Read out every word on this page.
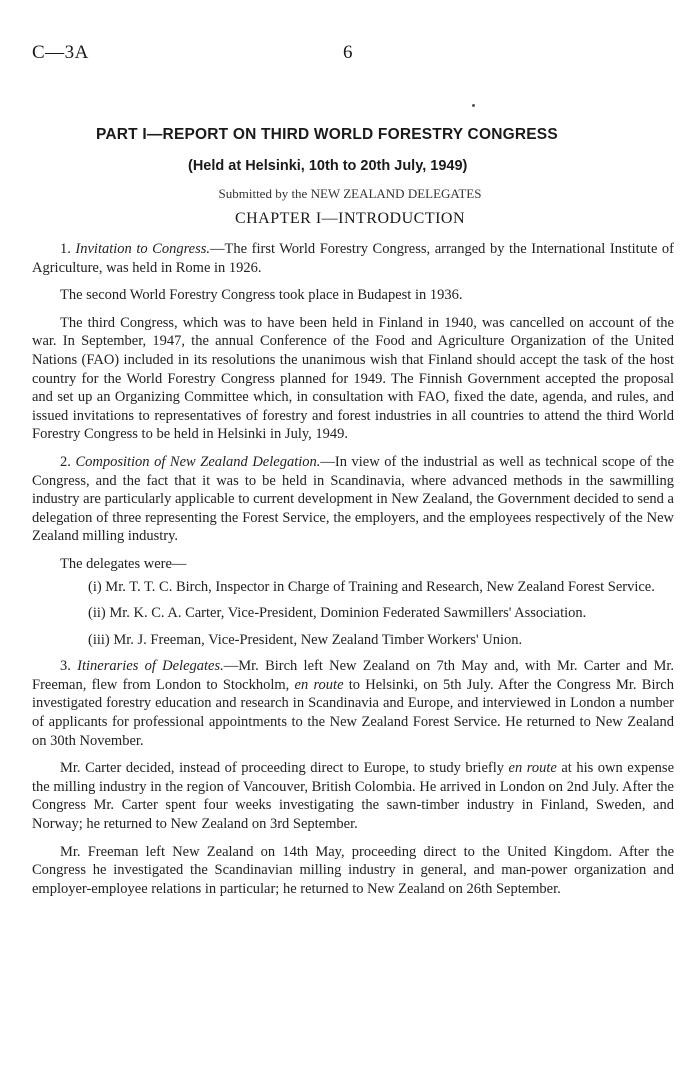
C—3A	6
PART I—REPORT ON THIRD WORLD FORESTRY CONGRESS
(Held at Helsinki, 10th to 20th July, 1949)
Submitted by the NEW ZEALAND DELEGATES
CHAPTER I—INTRODUCTION

1. Invitation to Congress.—The first World Forestry Congress, arranged by the International Institute of Agriculture, was held in Rome in 1926.

The second World Forestry Congress took place in Budapest in 1936.

The third Congress, which was to have been held in Finland in 1940, was cancelled on account of the war. In September, 1947, the annual Conference of the Food and Agriculture Organization of the United Nations (FAO) included in its resolutions the unanimous wish that Finland should accept the task of the host country for the World Forestry Congress planned for 1949. The Finnish Government accepted the proposal and set up an Organizing Committee which, in consultation with FAO, fixed the date, agenda, and rules, and issued invitations to representatives of forestry and forest industries in all countries to attend the third World Forestry Congress to be held in Helsinki in July, 1949.

2. Composition of New Zealand Delegation.—In view of the industrial as well as technical scope of the Congress, and the fact that it was to be held in Scandinavia, where advanced methods in the sawmilling industry are particularly applicable to current development in New Zealand, the Government decided to send a delegation of three representing the Forest Service, the employers, and the employees respectively of the New Zealand milling industry.

The delegates were—

(i) Mr. T. T. C. Birch, Inspector in Charge of Training and Research, New Zealand Forest Service.

(ii) Mr. K. C. A. Carter, Vice-President, Dominion Federated Sawmillers' Association.

(iii) Mr. J. Freeman, Vice-President, New Zealand Timber Workers' Union.

3. Itineraries of Delegates.—Mr. Birch left New Zealand on 7th May and, with Mr. Carter and Mr. Freeman, flew from London to Stockholm, en route to Helsinki, on 5th July. After the Congress Mr. Birch investigated forestry education and research in Scandinavia and Europe, and interviewed in London a number of applicants for professional appointments to the New Zealand Forest Service. He returned to New Zealand on 30th November.

Mr. Carter decided, instead of proceeding direct to Europe, to study briefly en route at his own expense the milling industry in the region of Vancouver, British Colombia. He arrived in London on 2nd July. After the Congress Mr. Carter spent four weeks investigating the sawn-timber industry in Finland, Sweden, and Norway; he returned to New Zealand on 3rd September.

Mr. Freeman left New Zealand on 14th May, proceeding direct to the United Kingdom. After the Congress he investigated the Scandinavian milling industry in general, and man-power organization and employer-employee relations in particular; he returned to New Zealand on 26th September.
